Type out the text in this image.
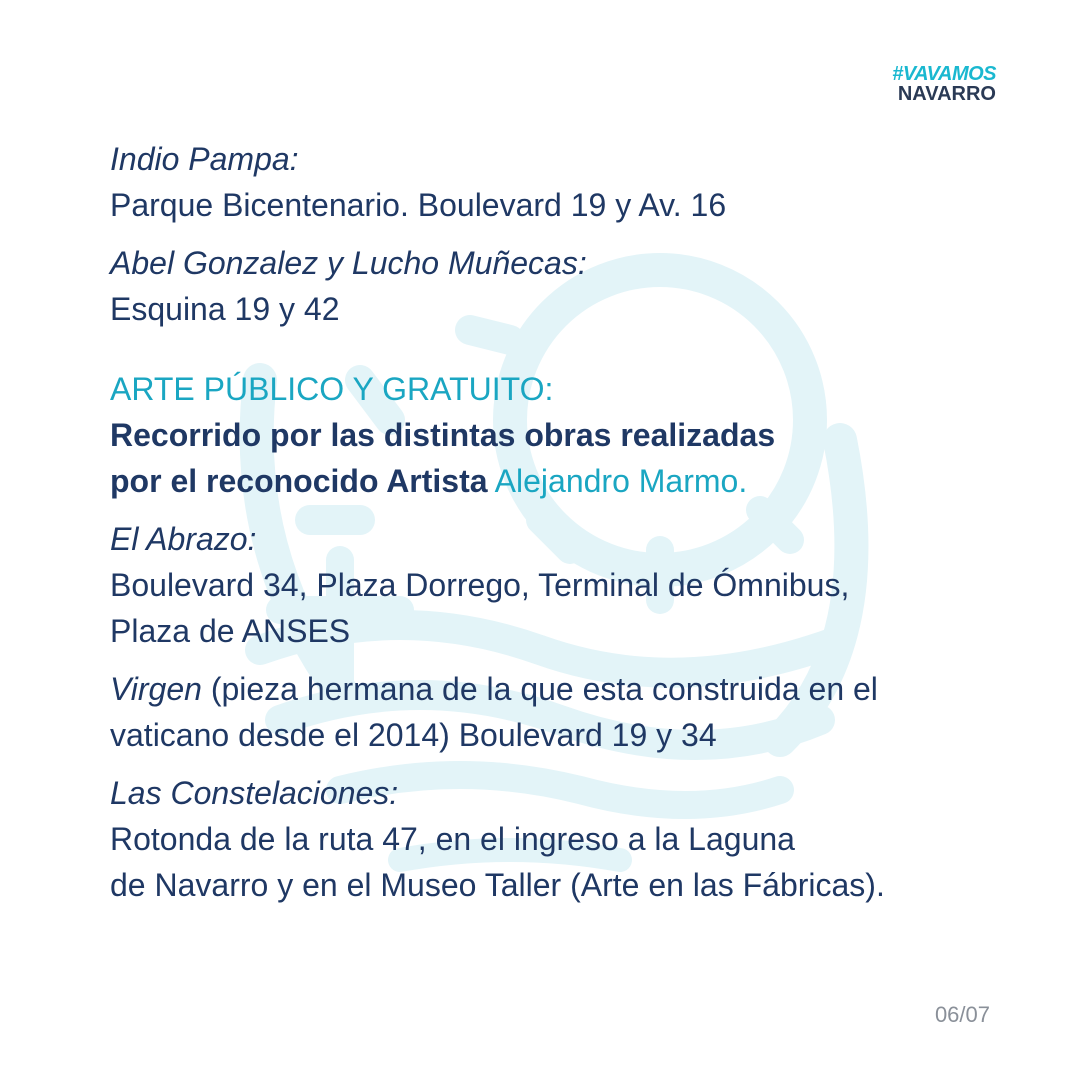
#VAVAMOS
NAVARRO
Indio Pampa:
Parque Bicentenario. Boulevard 19 y Av. 16
Abel Gonzalez y Lucho Muñecas:
Esquina 19 y 42
ARTE PÚBLICO Y GRATUITO:
Recorrido por las distintas obras realizadas
por el reconocido Artista Alejandro Marmo.
El Abrazo:
Boulevard 34, Plaza Dorrego, Terminal de Ómnibus,
Plaza de ANSES
Virgen (pieza hermana de la que esta construida en el
vaticano desde el 2014) Boulevard 19 y 34
Las Constelaciones:
Rotonda de la ruta 47, en el ingreso a la Laguna
de Navarro y en el Museo Taller (Arte en las Fábricas).
06/07
